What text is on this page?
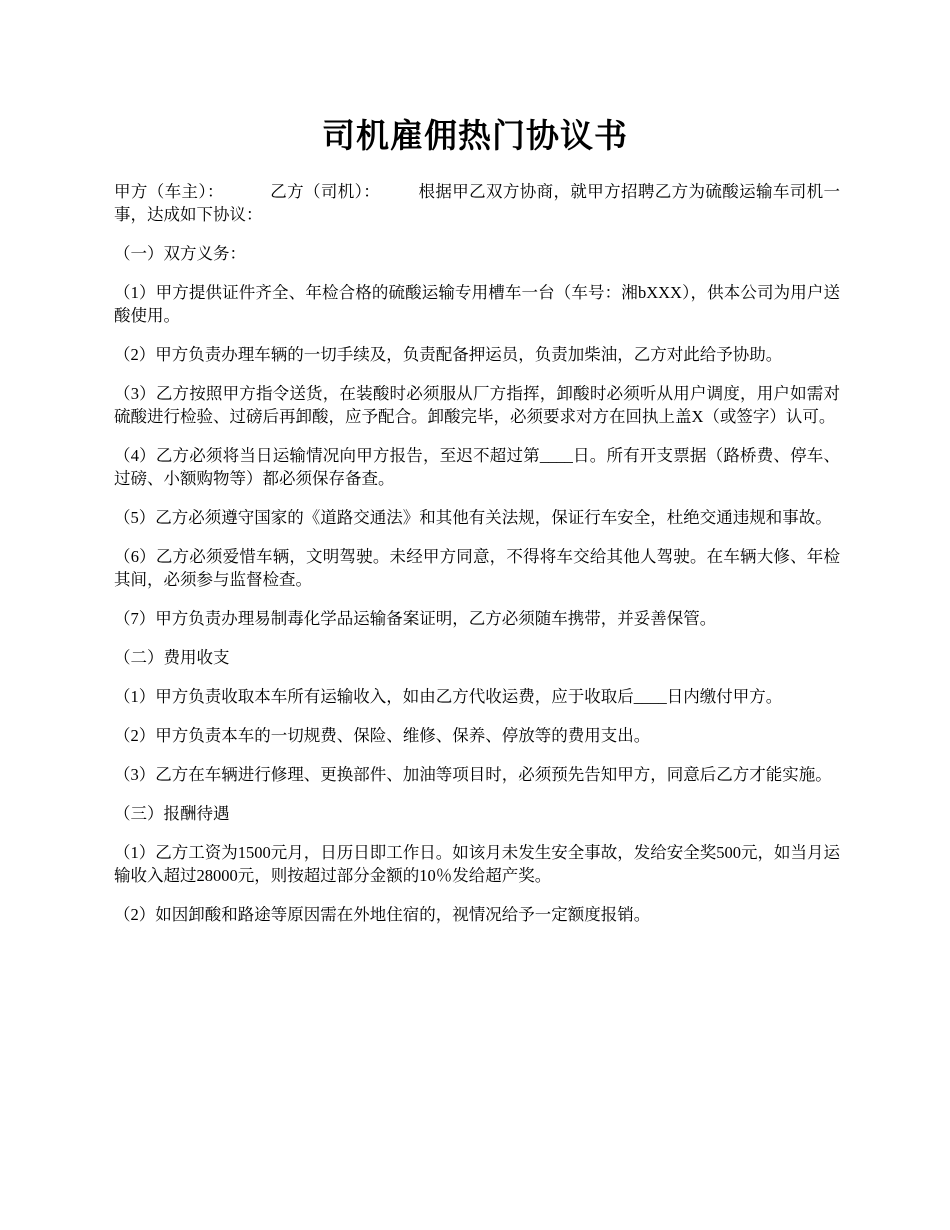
司机雇佣热门协议书

甲方（车主）：	乙方（司机）： 根据甲乙双方协商，就甲方招聘乙方为硫酸运输车司机一事，达成如下协议：

（一）双方义务：

（1）甲方提供证件齐全、年检合格的硫酸运输专用槽车一台（车号：湘bXXX），供本公司为用户送酸使用。

（2）甲方负责办理车辆的一切手续及，负责配备押运员，负责加柴油，乙方对此给予协助。

（3）乙方按照甲方指令送货，在装酸时必须服从厂方指挥，卸酸时必须听从用户调度，用户如需对硫酸进行检验、过磅后再卸酸，应予配合。卸酸完毕，必须要求对方在回执上盖X（或签字）认可。

（4）乙方必须将当日运输情况向甲方报告，至迟不超过第____日。所有开支票据（路桥费、停车、过磅、小额购物等）都必须保存备查。

（5）乙方必须遵守国家的《道路交通法》和其他有关法规，保证行车安全，杜绝交通违规和事故。

（6）乙方必须爱惜车辆，文明驾驶。未经甲方同意，不得将车交给其他人驾驶。在车辆大修、年检其间，必须参与监督检查。

（7）甲方负责办理易制毒化学品运输备案证明，乙方必须随车携带，并妥善保管。

（二）费用收支

（1）甲方负责收取本车所有运输收入，如由乙方代收运费，应于收取后____日内缴付甲方。

（2）甲方负责本车的一切规费、保险、维修、保养、停放等的费用支出。

（3）乙方在车辆进行修理、更换部件、加油等项目时，必须预先告知甲方，同意后乙方才能实施。

（三）报酬待遇

（1）乙方工资为1500元月，日历日即工作日。如该月未发生安全事故，发给安全奖500元，如当月运输收入超过28000元，则按超过部分金额的10％发给超产奖。

（2）如因卸酸和路途等原因需在外地住宿的，视情况给予一定额度报销。
